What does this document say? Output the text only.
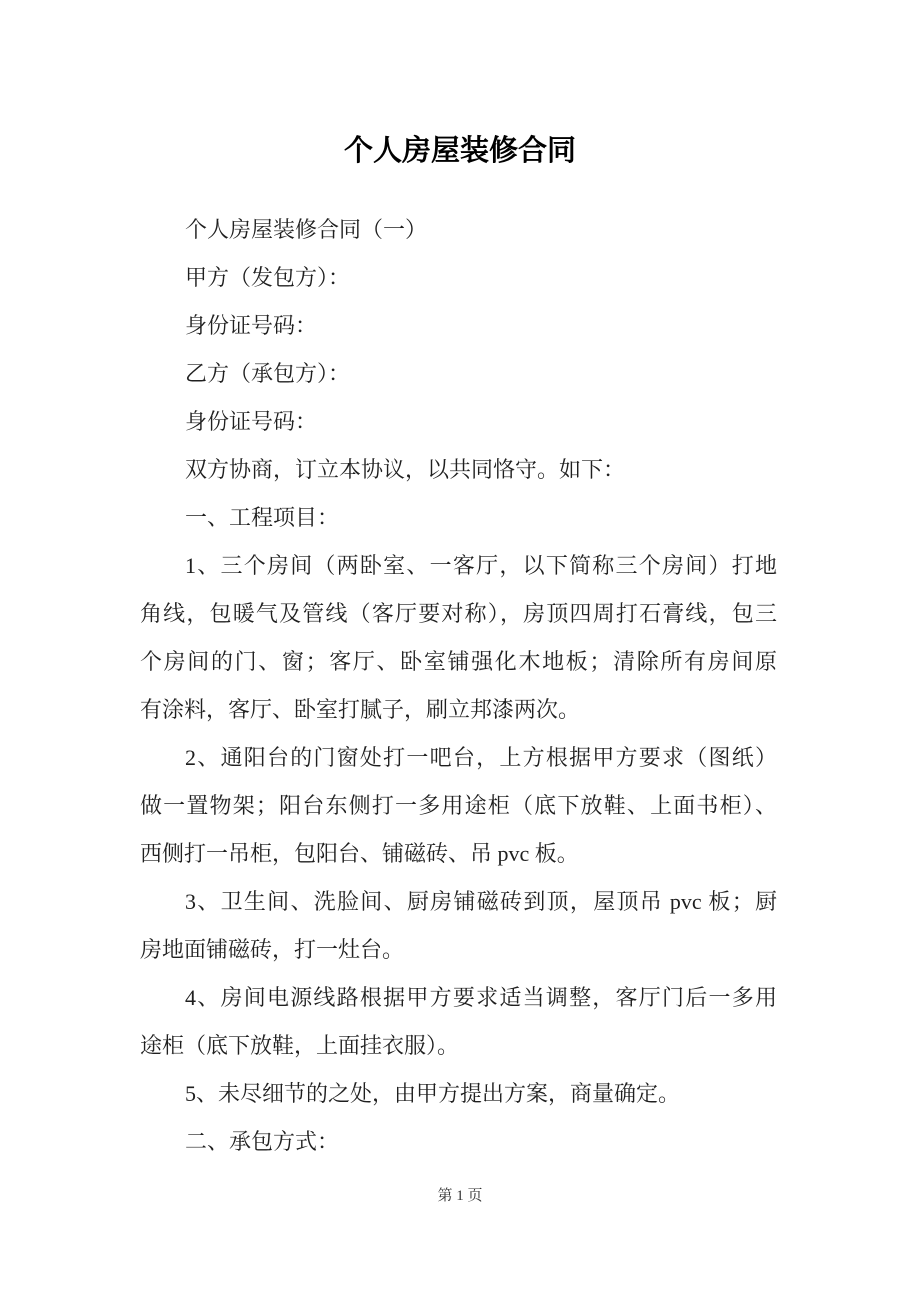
个人房屋装修合同
个人房屋装修合同（一）
甲方（发包方）：
身份证号码：
乙方（承包方）：
身份证号码：
双方协商，订立本协议，以共同恪守。如下：
一、工程项目：
1、三个房间（两卧室、一客厅，以下简称三个房间）打地
角线，包暖气及管线（客厅要对称），房顶四周打石膏线，包三
个房间的门、窗；客厅、卧室铺强化木地板；清除所有房间原
有涂料，客厅、卧室打腻子，刷立邦漆两次。
2、通阳台的门窗处打一吧台，上方根据甲方要求（图纸）
做一置物架；阳台东侧打一多用途柜（底下放鞋、上面书柜）、
西侧打一吊柜，包阳台、铺磁砖、吊 pvc 板。
3、卫生间、洗脸间、厨房铺磁砖到顶，屋顶吊 pvc 板；厨
房地面铺磁砖，打一灶台。
4、房间电源线路根据甲方要求适当调整，客厅门后一多用
途柜（底下放鞋，上面挂衣服）。
5、未尽细节的之处，由甲方提出方案，商量确定。
二、承包方式：
第 1 页
